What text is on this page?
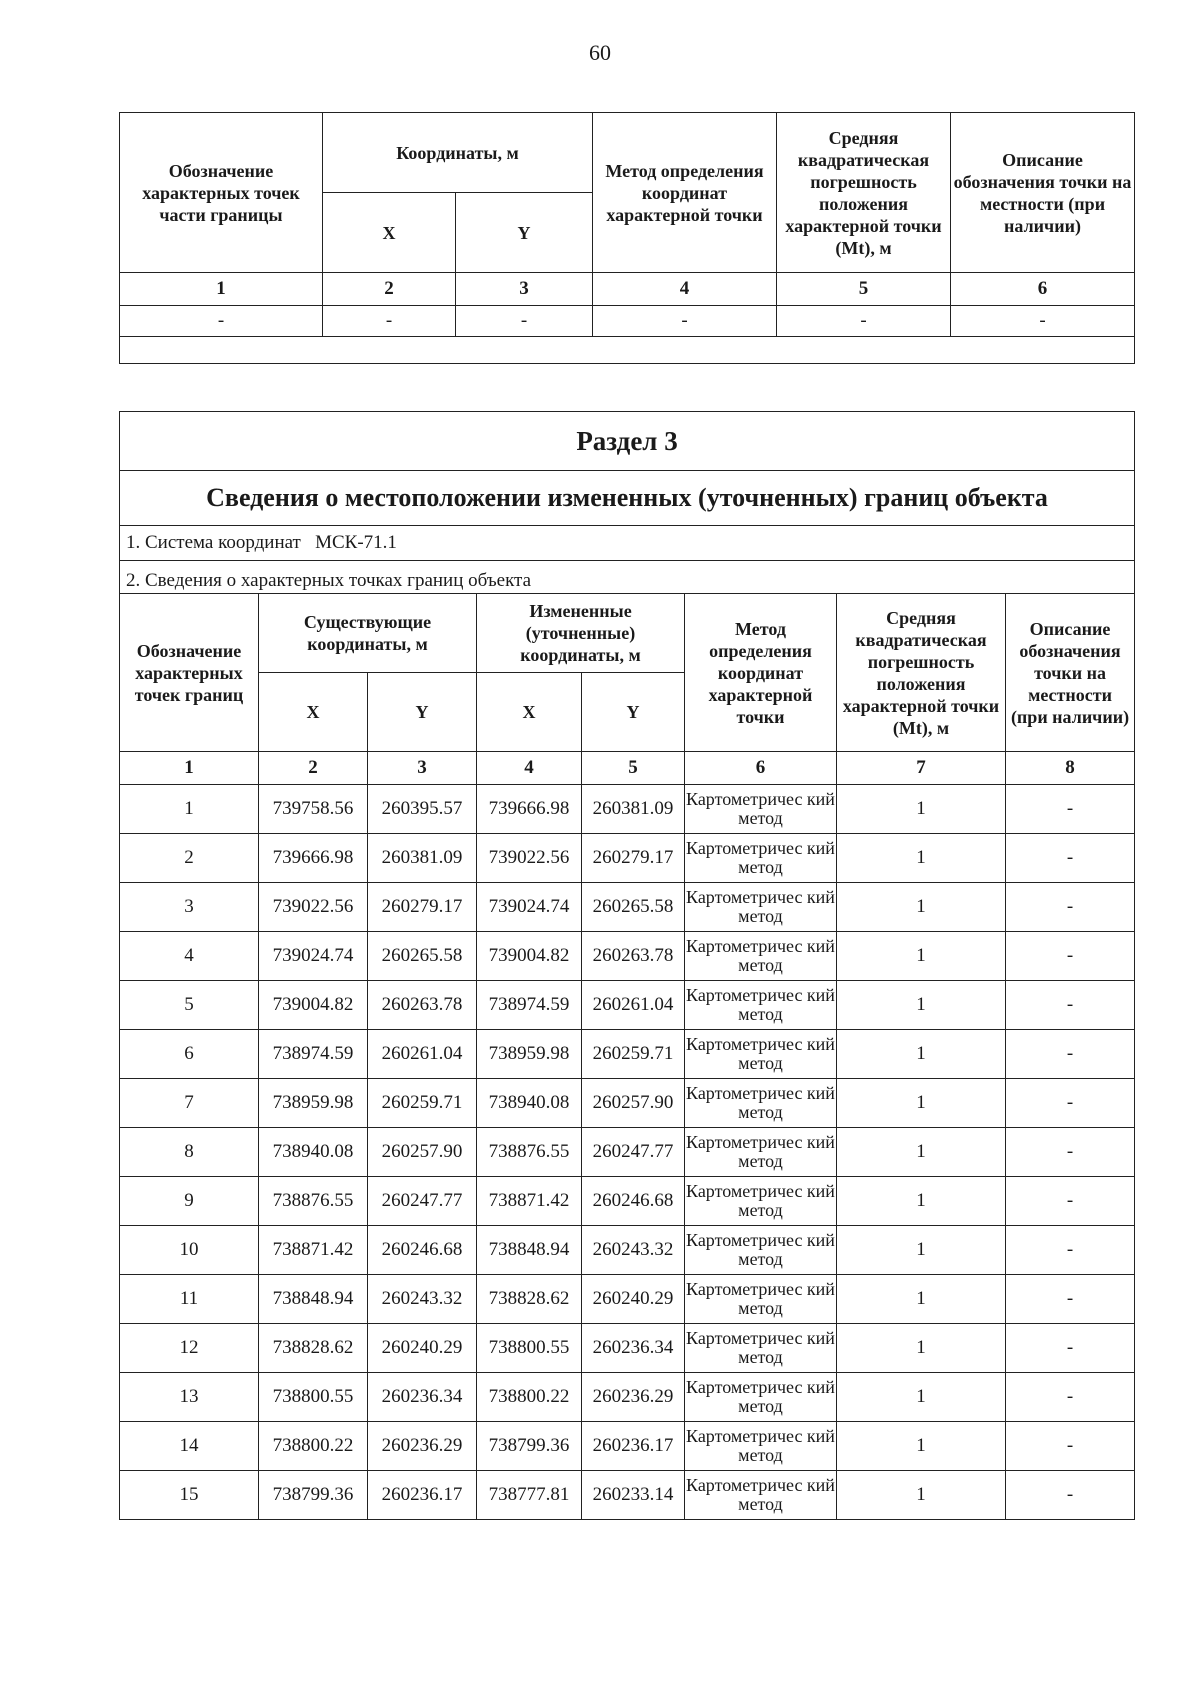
60
Обозначение характерных точек части границы	Координаты, м		Метод определения координат характерной точки	Средняя квадратическая погрешность положения характерной точки (Mt), м	Описание обозначения точки на местности (при наличии)
	X	Y			
1	2	3	4	5	6
-	-	-	-	-	-

Раздел 3							
Сведения о местоположении измененных (уточненных) границ объекта							
1. Система координат   МСК-71.1							
2. Сведения о характерных точках границ объекта							
Обозначение характерных точек границ	Существующие координаты, м		Измененные (уточненные) координаты, м		Метод определения координат характерной точки	Средняя квадратическая погрешность положения характерной точки (Mt), м	Описание обозначения точки на местности (при наличии)
	X	Y	X	Y			
1	2	3	4	5	6	7	8
1	739758.56	260395.57	739666.98	260381.09	Картометричес кий метод	1	-
2	739666.98	260381.09	739022.56	260279.17	Картометричес кий метод	1	-
3	739022.56	260279.17	739024.74	260265.58	Картометричес кий метод	1	-
4	739024.74	260265.58	739004.82	260263.78	Картометричес кий метод	1	-
5	739004.82	260263.78	738974.59	260261.04	Картометричес кий метод	1	-
6	738974.59	260261.04	738959.98	260259.71	Картометричес кий метод	1	-
7	738959.98	260259.71	738940.08	260257.90	Картометричес кий метод	1	-
8	738940.08	260257.90	738876.55	260247.77	Картометричес кий метод	1	-
9	738876.55	260247.77	738871.42	260246.68	Картометричес кий метод	1	-
10	738871.42	260246.68	738848.94	260243.32	Картометричес кий метод	1	-
11	738848.94	260243.32	738828.62	260240.29	Картометричес кий метод	1	-
12	738828.62	260240.29	738800.55	260236.34	Картометричес кий метод	1	-
13	738800.55	260236.34	738800.22	260236.29	Картометричес кий метод	1	-
14	738800.22	260236.29	738799.36	260236.17	Картометричес кий метод	1	-
15	738799.36	260236.17	738777.81	260233.14	Картометричес кий метод	1	-
